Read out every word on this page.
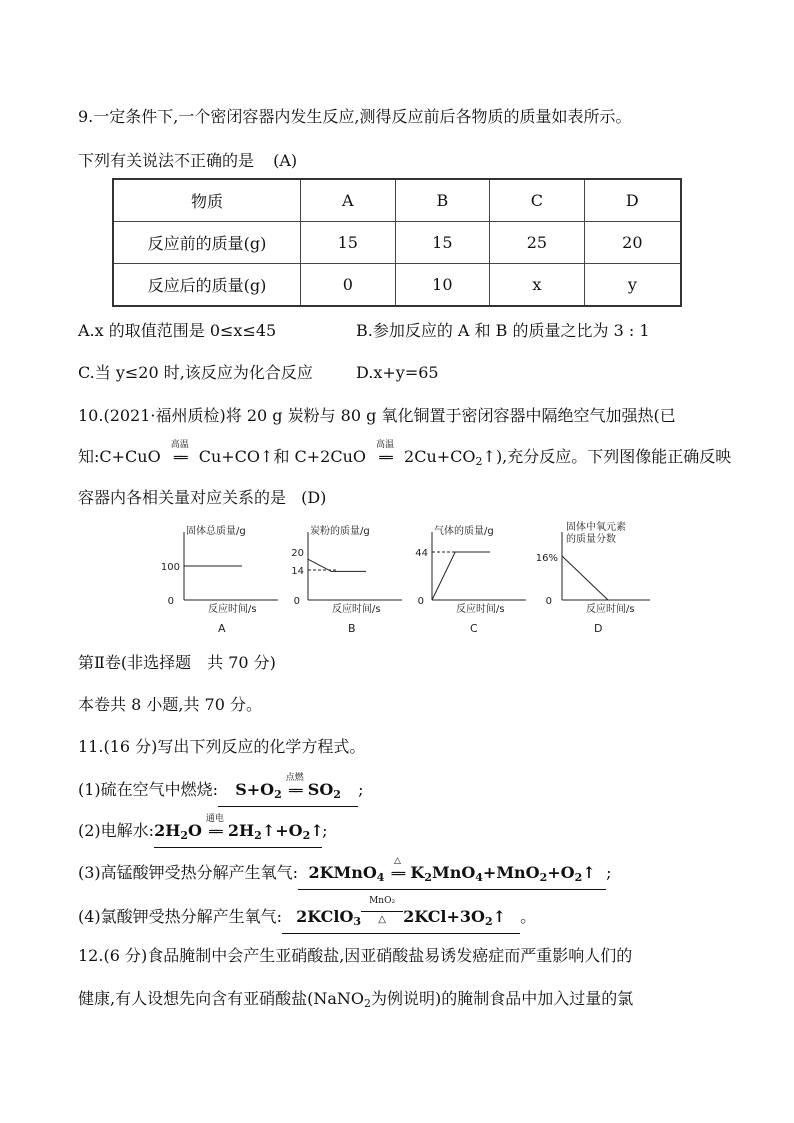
9.一定条件下,一个密闭容器内发生反应,测得反应前后各物质的质量如表所示。
下列有关说法不正确的是 (A)
物质	A	B	C	D
反应前的质量(g)	15	15	25	20
反应后的质量(g)	0	10	x	y
A.x 的取值范围是 0≤x≤45	B.参加反应的 A 和 B 的质量之比为 3 : 1
C.当 y≤20 时,该反应为化合反应	D.x+y=65
10.(2021·福州质检)将 20 g 炭粉与 80 g 氧化铜置于密闭容器中隔绝空气加强热(已
知:C+CuO
高温
══ Cu+CO↑和 C+2CuO
高温
══ $2Cu+CO_2↑$),充分反应。下列图像能正确反映
容器内各相关量对应关系的是 (D)
固体总质量/g
0
100
反应时间/s
A
炭粉的质量/g
0
20
14
反应时间/s
B
气体的质量/g
0
44
反应时间/s
C
固体中氧元素
的质量分数
0
16%
反应时间/s
D
第Ⅱ卷(非选择题　共 70 分)
本卷共 8 小题,共 70 分。
11.(16 分)写出下列反应的化学方程式。
(1)硫在空气中燃烧: $S+O_2$
点燃
══ $SO_2$ ;
(2)电解水$:2H_2O$
通电
══ $2H_2↑+O_2↑$;
(3)高锰酸钾受热分解产生氧气: 2KMnO$_4$
△
══ $K_2MnO_4+MnO_2+O_2↑$ ;
(4)氯酸钾受热分解产生氧气: 2KClO$_3$
MnO₂
△	$2KCl+3O_2↑$ 。
12.(6 分)食品腌制中会产生亚硝酸盐,因亚硝酸盐易诱发癌症而严重影响人们的
健康,有人设想先向含有亚硝酸盐(NaNO$_2$为例说明)的腌制食品中加入过量的氯
